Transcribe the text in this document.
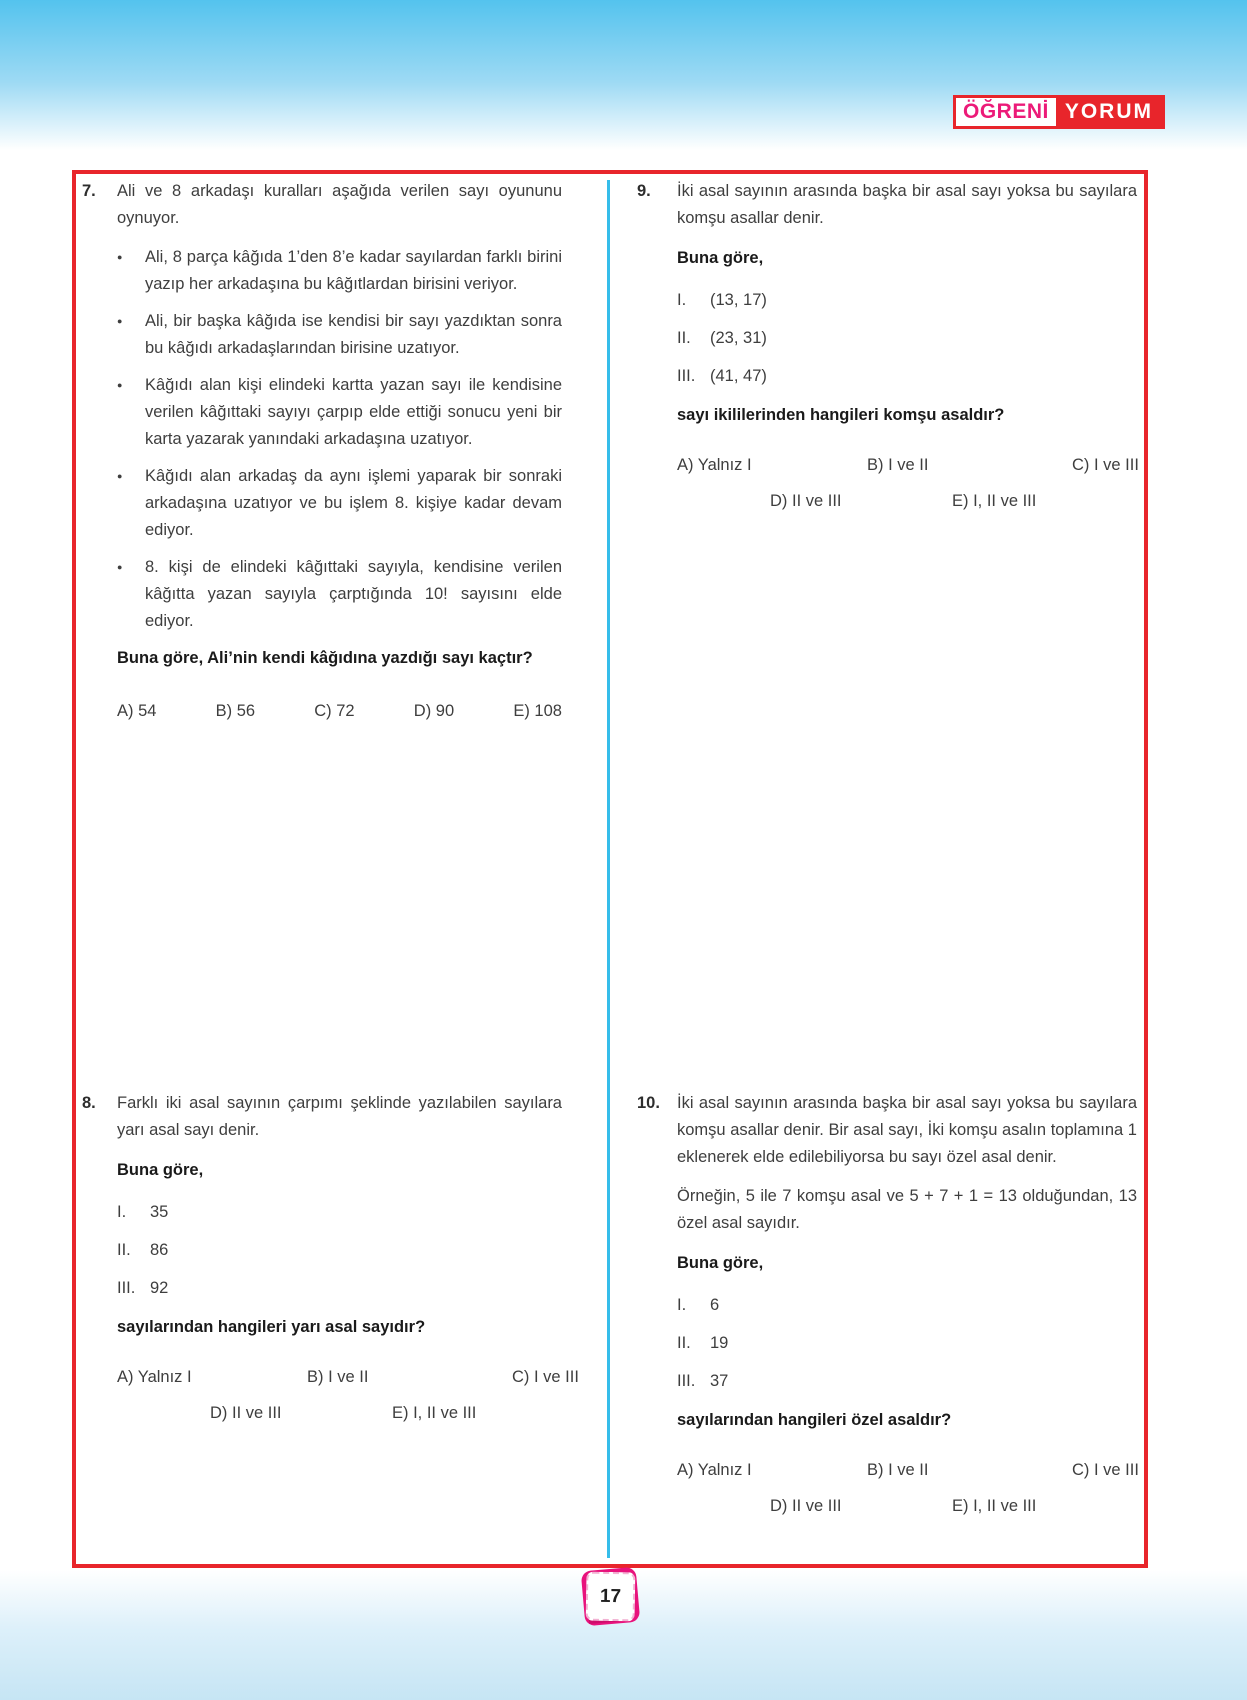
ÖĞRENİ YORUM
7.	Ali ve 8 arkadaşı kuralları aşağıda verilen sayı oyununu oynuyor.

●	Ali, 8 parça kâğıda 1’den 8’e kadar sayılardan farklı birini yazıp her arkadaşına bu kâğıtlardan birisini veriyor.
●	Ali, bir başka kâğıda ise kendisi bir sayı yazdıktan sonra bu kâğıdı arkadaşlarından birisine uzatıyor.
●	Kâğıdı alan kişi elindeki kartta yazan sayı ile kendisine verilen kâğıttaki sayıyı çarpıp elde ettiği sonucu yeni bir karta yazarak yanındaki arkadaşına uzatıyor.
●	Kâğıdı alan arkadaş da aynı işlemi yaparak bir sonraki arkadaşına uzatıyor ve bu işlem 8. kişiye kadar devam ediyor.
●	8. kişi de elindeki kâğıttaki sayıyla, kendisine verilen kâğıtta yazan sayıyla çarptığında 10! sayısını elde ediyor.

Buna göre, Ali’nin kendi kâğıdına yazdığı sayı kaçtır?

A) 54	B) 56	C) 72	D) 90	E) 108
8.	Farklı iki asal sayının çarpımı şeklinde yazılabilen sayılara yarı asal sayı denir.

Buna göre,

I. 35
II. 86
III. 92

sayılarından hangileri yarı asal sayıdır?

A) Yalnız I	B) I ve II	C) I ve III
D) II ve III	E) I, II ve III
9.	İki asal sayının arasında başka bir asal sayı yoksa bu sayılara komşu asallar denir.

Buna göre,

I. (13, 17)
II. (23, 31)
III. (41, 47)

sayı ikililerinden hangileri komşu asaldır?

A) Yalnız I	B) I ve II	C) I ve III
D) II ve III	E) I, II ve III
10.	İki asal sayının arasında başka bir asal sayı yoksa bu sayılara komşu asallar denir. Bir asal sayı, İki komşu asalın toplamına 1 eklenerek elde edilebiliyorsa bu sayı özel asal denir.

Örneğin, 5 ile 7 komşu asal ve 5 + 7 + 1 = 13 olduğundan, 13 özel asal sayıdır.

Buna göre,

I. 6
II. 19
III. 37

sayılarından hangileri özel asaldır?

A) Yalnız I	B) I ve II	C) I ve III
D) II ve III	E) I, II ve III
17
